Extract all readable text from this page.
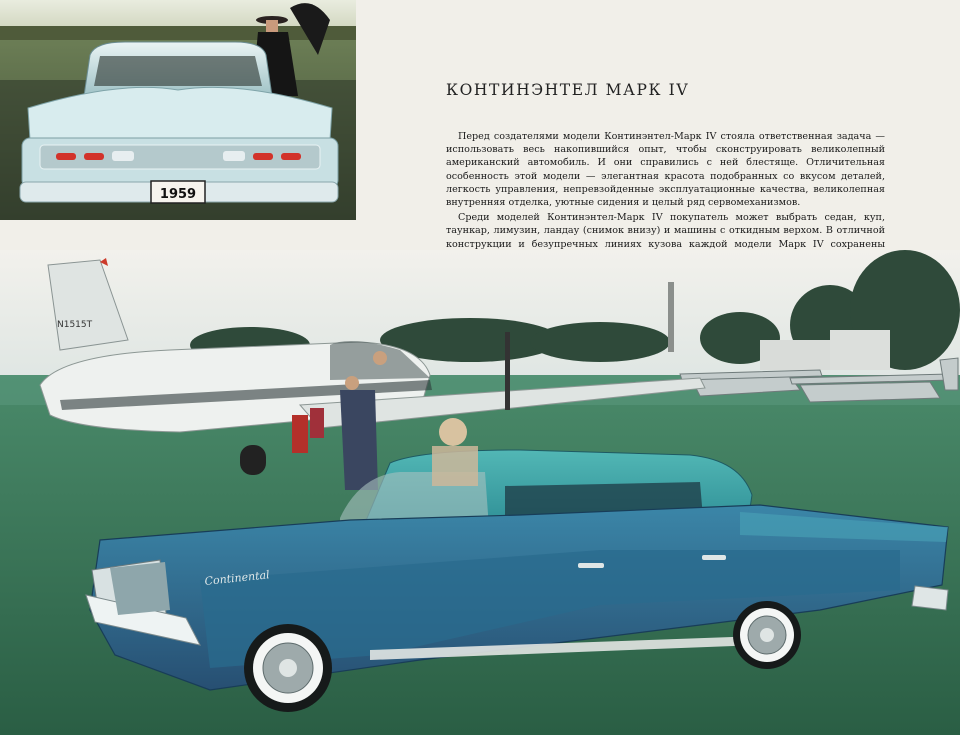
1959
КОНТИНЭНТЕЛ МАРК IV

Перед создателями модели Континэнтел-Марк IV стояла ответственная задача — использовать весь накопившийся опыт, чтобы сконструировать великолепный американский автомобиль. И они справились с ней блестяще. Отличительная особенность этой модели — элегантная красота подобранных со вкусом деталей, легкость управления, непревзойденные эксплуатационные качества, великолепная внутренняя отделка, уютные сидения и целый ряд сервомеханизмов.

Среди моделей Континэнтел-Марк IV покупатель может выбрать седан, куп, таункар, лимузин, ландау (снимок внизу) и машины с откидным верхом. В отличной конструкции и безупречных линиях кузова каждой модели Марк IV сохранены

N1515T
Continental
